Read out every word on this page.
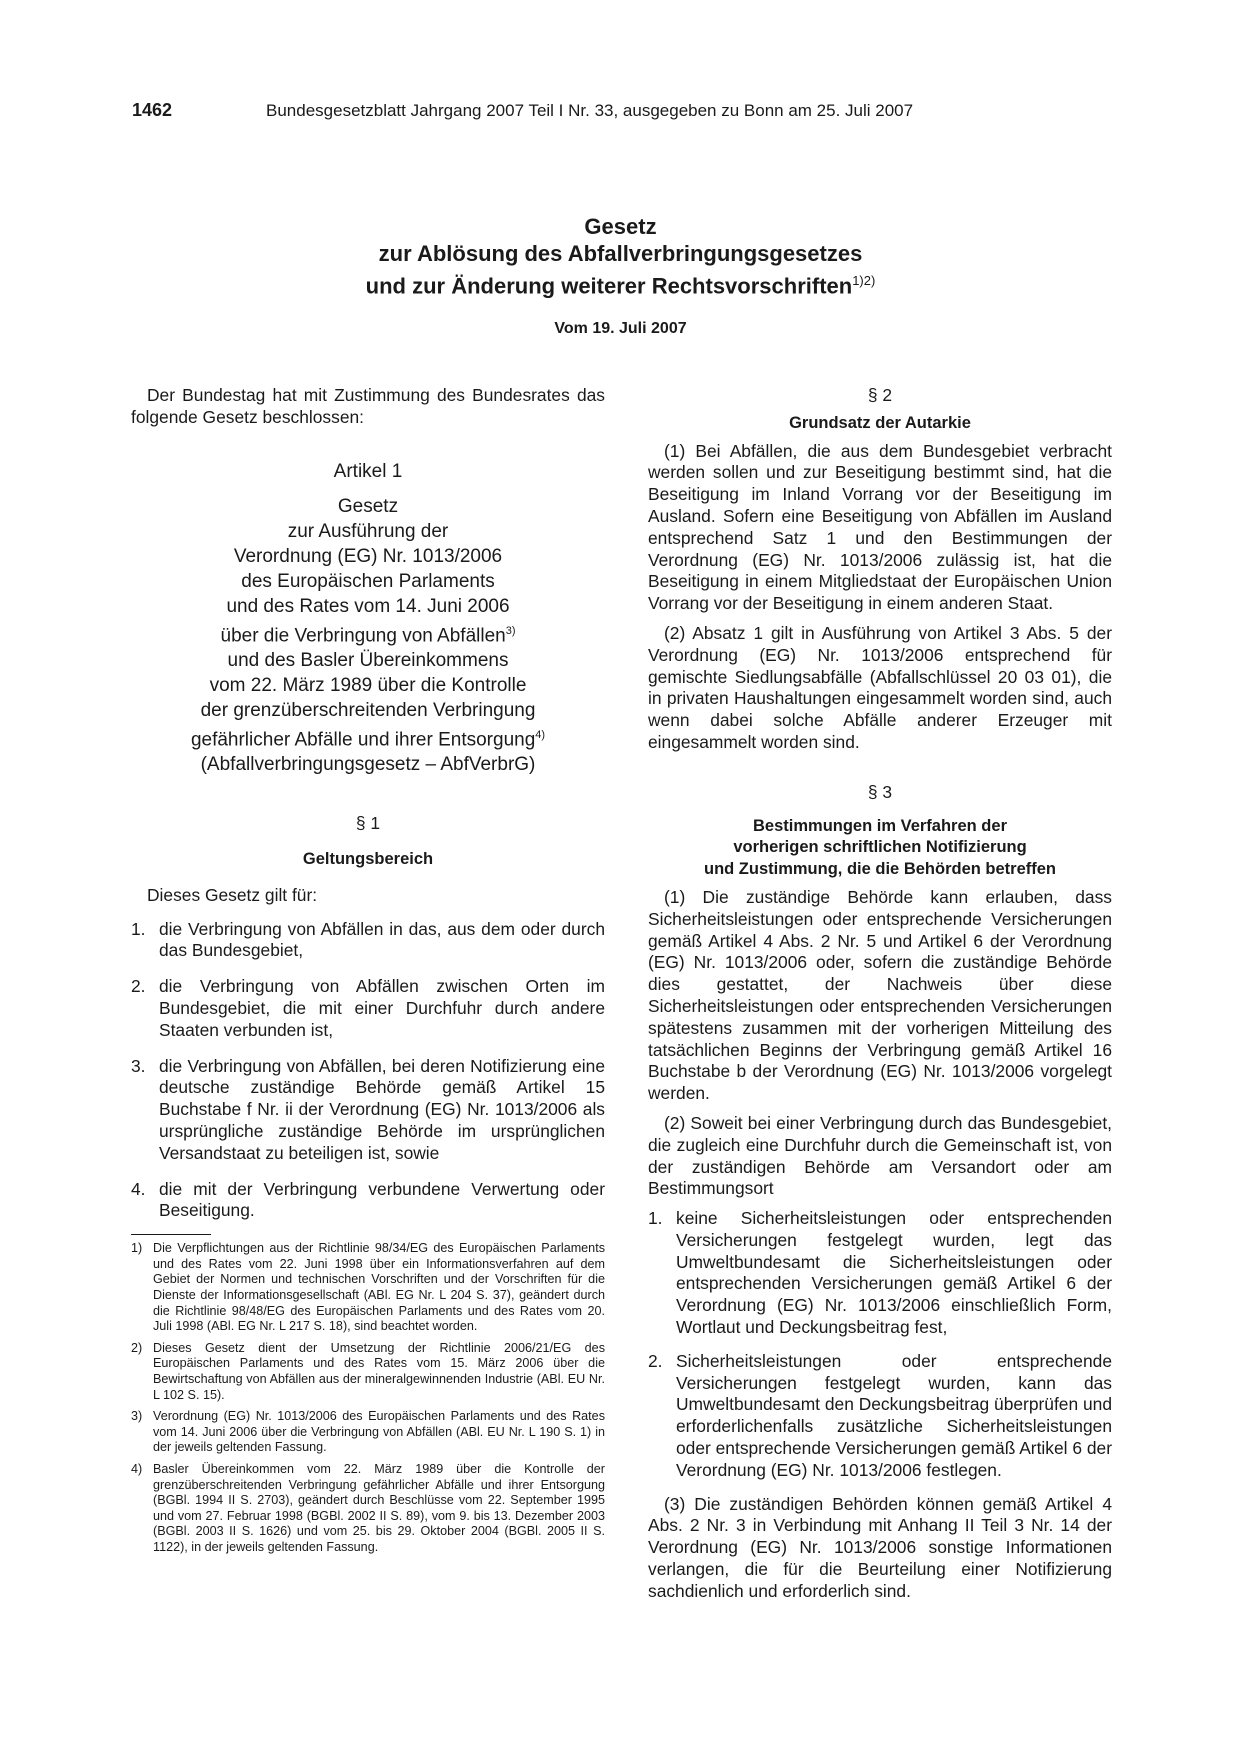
1462	Bundesgesetzblatt Jahrgang 2007 Teil I Nr. 33, ausgegeben zu Bonn am 25. Juli 2007
Gesetz
zur Ablösung des Abfallverbringungsgesetzes
und zur Änderung weiterer Rechtsvorschriften$^{1)2)}$
Vom 19. Juli 2007

Der Bundestag hat mit Zustimmung des Bundesrates das folgende Gesetz beschlossen:

Artikel 1
Gesetz
zur Ausführung der
Verordnung (EG) Nr. 1013/2006
des Europäischen Parlaments
und des Rates vom 14. Juni 2006
über die Verbringung von Abfällen$^{3)}$
und des Basler Übereinkommens
vom 22. März 1989 über die Kontrolle
der grenzüberschreitenden Verbringung
gefährlicher Abfälle und ihrer Entsorgung$^{4)}$
(Abfallverbringungsgesetz – AbfVerbrG)
§ 1
Geltungsbereich

Dieses Gesetz gilt für:

1. die Verbringung von Abfällen in das, aus dem oder durch das Bundesgebiet,
2. die Verbringung von Abfällen zwischen Orten im Bundesgebiet, die mit einer Durchfuhr durch andere Staaten verbunden ist,
3. die Verbringung von Abfällen, bei deren Notifizierung eine deutsche zuständige Behörde gemäß Artikel 15 Buchstabe f Nr. ii der Verordnung (EG) Nr. 1013/2006 als ursprüngliche zuständige Behörde im ursprünglichen Versandstaat zu beteiligen ist, sowie
4. die mit der Verbringung verbundene Verwertung oder Beseitigung.
1) Die Verpflichtungen aus der Richtlinie 98/34/EG des Europäischen Parlaments und des Rates vom 22. Juni 1998 über ein Informationsverfahren auf dem Gebiet der Normen und technischen Vorschriften und der Vorschriften für die Dienste der Informationsgesellschaft (ABl. EG Nr. L 204 S. 37), geändert durch die Richtlinie 98/48/EG des Europäischen Parlaments und des Rates vom 20. Juli 1998 (ABl. EG Nr. L 217 S. 18), sind beachtet worden.
2) Dieses Gesetz dient der Umsetzung der Richtlinie 2006/21/EG des Europäischen Parlaments und des Rates vom 15. März 2006 über die Bewirtschaftung von Abfällen aus der mineralgewinnenden Industrie (ABl. EU Nr. L 102 S. 15).
3) Verordnung (EG) Nr. 1013/2006 des Europäischen Parlaments und des Rates vom 14. Juni 2006 über die Verbringung von Abfällen (ABl. EU Nr. L 190 S. 1) in der jeweils geltenden Fassung.
4) Basler Übereinkommen vom 22. März 1989 über die Kontrolle der grenzüberschreitenden Verbringung gefährlicher Abfälle und ihrer Entsorgung (BGBl. 1994 II S. 2703), geändert durch Beschlüsse vom 22. September 1995 und vom 27. Februar 1998 (BGBl. 2002 II S. 89), vom 9. bis 13. Dezember 2003 (BGBl. 2003 II S. 1626) und vom 25. bis 29. Oktober 2004 (BGBl. 2005 II S. 1122), in der jeweils geltenden Fassung.
§ 2
Grundsatz der Autarkie

(1) Bei Abfällen, die aus dem Bundesgebiet verbracht werden sollen und zur Beseitigung bestimmt sind, hat die Beseitigung im Inland Vorrang vor der Beseitigung im Ausland. Sofern eine Beseitigung von Abfällen im Ausland entsprechend Satz 1 und den Bestimmungen der Verordnung (EG) Nr. 1013/2006 zulässig ist, hat die Beseitigung in einem Mitgliedstaat der Europäischen Union Vorrang vor der Beseitigung in einem anderen Staat.

(2) Absatz 1 gilt in Ausführung von Artikel 3 Abs. 5 der Verordnung (EG) Nr. 1013/2006 entsprechend für gemischte Siedlungsabfälle (Abfallschlüssel 20 03 01), die in privaten Haushaltungen eingesammelt worden sind, auch wenn dabei solche Abfälle anderer Erzeuger mit eingesammelt worden sind.

§ 3
Bestimmungen im Verfahren der
vorherigen schriftlichen Notifizierung
und Zustimmung, die die Behörden betreffen

(1) Die zuständige Behörde kann erlauben, dass Sicherheitsleistungen oder entsprechende Versicherungen gemäß Artikel 4 Abs. 2 Nr. 5 und Artikel 6 der Verordnung (EG) Nr. 1013/2006 oder, sofern die zuständige Behörde dies gestattet, der Nachweis über diese Sicherheitsleistungen oder entsprechenden Versicherungen spätestens zusammen mit der vorherigen Mitteilung des tatsächlichen Beginns der Verbringung gemäß Artikel 16 Buchstabe b der Verordnung (EG) Nr. 1013/2006 vorgelegt werden.

(2) Soweit bei einer Verbringung durch das Bundesgebiet, die zugleich eine Durchfuhr durch die Gemeinschaft ist, von der zuständigen Behörde am Versandort oder am Bestimmungsort

1. keine Sicherheitsleistungen oder entsprechenden Versicherungen festgelegt wurden, legt das Umweltbundesamt die Sicherheitsleistungen oder entsprechenden Versicherungen gemäß Artikel 6 der Verordnung (EG) Nr. 1013/2006 einschließlich Form, Wortlaut und Deckungsbeitrag fest,
2. Sicherheitsleistungen oder entsprechende Versicherungen festgelegt wurden, kann das Umweltbundesamt den Deckungsbeitrag überprüfen und erforderlichenfalls zusätzliche Sicherheitsleistungen oder entsprechende Versicherungen gemäß Artikel 6 der Verordnung (EG) Nr. 1013/2006 festlegen.

(3) Die zuständigen Behörden können gemäß Artikel 4 Abs. 2 Nr. 3 in Verbindung mit Anhang II Teil 3 Nr. 14 der Verordnung (EG) Nr. 1013/2006 sonstige Informationen verlangen, die für die Beurteilung einer Notifizierung sachdienlich und erforderlich sind.
